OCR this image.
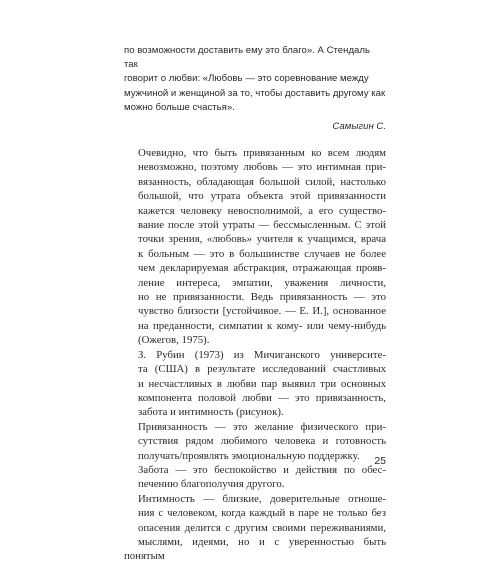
по возможности доставить ему это благо». А Стендаль так

говорит о любви: «Любовь — это соревнование между

мужчиной и женщиной за то, чтобы доставить другому как

можно больше счастья».

Самыгин С.

Очевидно, что быть привязанным ко всем людям
невозможно, поэтому любовь — это интимная при-
вязанность, обладающая большой силой, настолько
большой, что утрата объекта этой привязанности
кажется человеку невосполнимой, а его существо-
вание после этой утраты — бессмысленным. С этой
точки зрения, «любовь» учителя к учащимся, врача
к больным — это в большинстве случаев не более
чем декларируемая абстракция, отражающая прояв-
ление интереса, эмпатии, уважения личности,
но не привязанности. Ведь привязанность — это
чувство близости [устойчивое. — Е. И.], основанное
на преданности, симпатии к кому- или чему-нибудь
(Ожегов, 1975).

З. Рубин (1973) из Мичиганского университе-
та (США) в результате исследований счастливых
и несчастливых в любви пар выявил три основных
компонента половой любви — это привязанность,
забота и интимность (рисунок).

Привязанность — это желание физического при-
сутствия рядом любимого человека и готовность
получать/проявлять эмоциональную поддержку.

Забота — это беспокойство и действия по обес-
печению благополучия другого.

Интимность — близкие, доверительные отноше-
ния с человеком, когда каждый в паре не только без
опасения делится с другим своими переживаниями,
мыслями, идеями, но и с уверенностью быть понятым

25
